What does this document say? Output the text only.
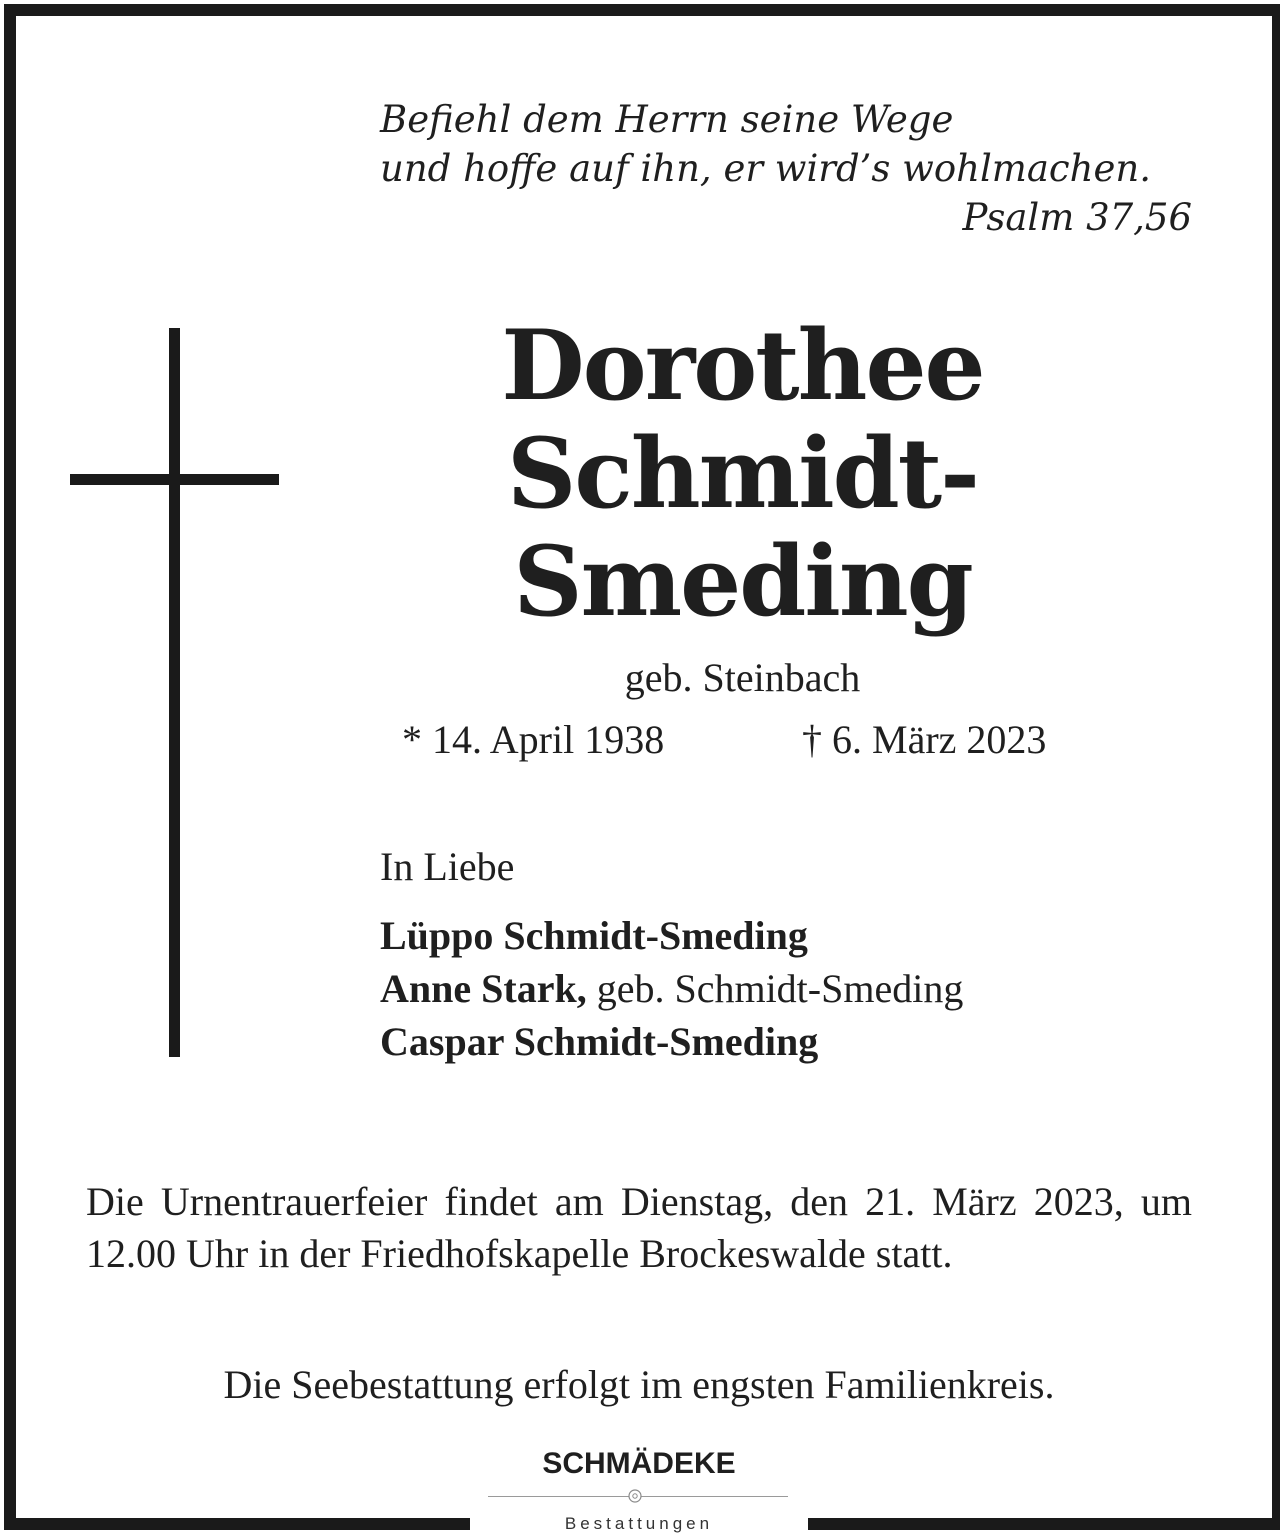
Befiehl dem Herrn seine Wege
und hoffe auf ihn, er wird’s wohlmachen.
Psalm 37,56
Dorothee
Schmidt-
Smeding
geb. Steinbach
* 14. April 1938	† 6. März 2023
In Liebe
Lüppo Schmidt-Smeding
Anne Stark, geb. Schmidt-Smeding
Caspar Schmidt-Smeding
Die Urnentrauerfeier findet am Dienstag, den 21. März 2023, um 12.00 Uhr in der Friedhofskapelle Brockeswalde statt.
Die Seebestattung erfolgt im engsten Familienkreis.
SCHMÄDEKE
Bestattungen
